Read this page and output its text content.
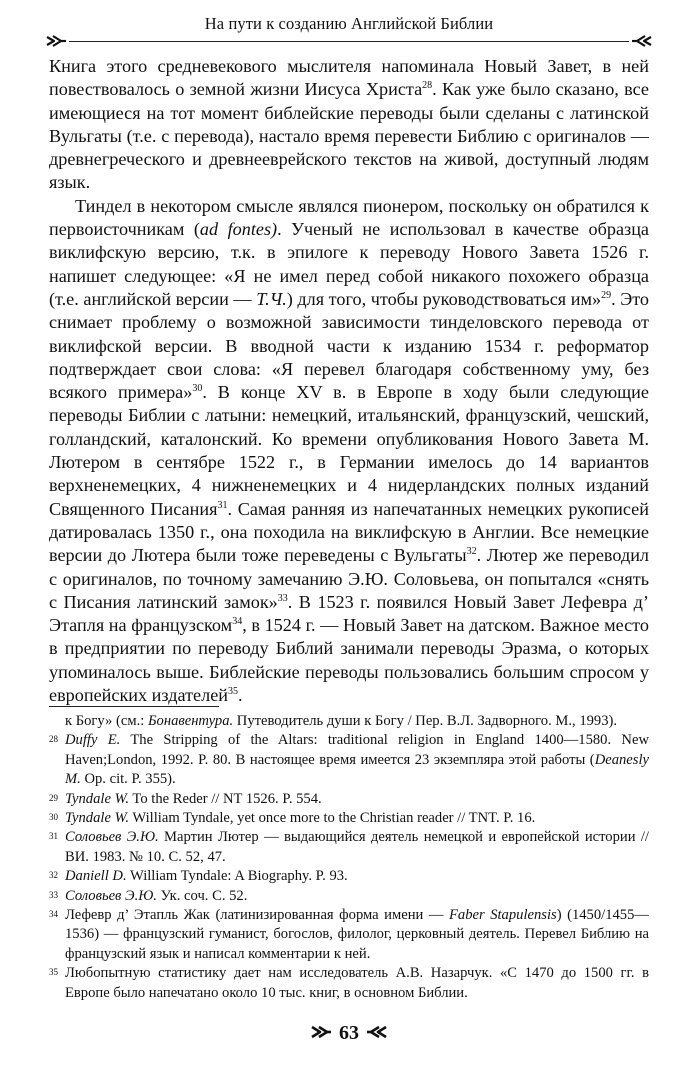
На пути к созданию Английской Библии

Книга этого средневекового мыслителя напоминала Новый Завет, в ней повествовалось о земной жизни Иисуса Христа$^{28}$. Как уже было сказано, все имеющиеся на тот момент библейские переводы были сделаны с латинской Вульгаты (т.е. с перевода), настало время перевести Библию с оригиналов — древнегреческого и древнееврейского текстов на живой, доступный людям язык.

Тиндел в некотором смысле являлся пионером, поскольку он обратился к первоисточникам (ad fontes). Ученый не использовал в качестве образца виклифскую версию, т.к. в эпилоге к переводу Нового Завета 1526 г. напишет следующее: «Я не имел перед собой никакого похожего образца (т.е. английской версии — Т.Ч.) для того, чтобы руководствоваться им»$^{29}$. Это снимает проблему о возможной зависимости тинделовского перевода от виклифской версии. В вводной части к изданию 1534 г. реформатор подтверждает свои слова: «Я перевел благодаря собственному уму, без всякого примера»$^{30}$. В конце XV в. в Европе в ходу были следующие переводы Библии с латыни: немецкий, итальянский, французский, чешский, голландский, каталонский. Ко времени опубликования Нового Завета М. Лютером в сентябре 1522 г., в Германии имелось до 14 вариантов верхненемецких, 4 нижненемецких и 4 нидерландских полных изданий Священного Писания$^{31}$. Самая ранняя из напечатанных немецких рукописей датировалась 1350 г., она походила на виклифскую в Англии. Все немецкие версии до Лютера были тоже переведены с Вульгаты$^{32}$. Лютер же переводил с оригиналов, по точному замечанию Э.Ю. Соловьева, он попытался «снять с Писания латинский замок»$^{33}$. В 1523 г. появился Новый Завет Лефевра д’ Этапля на французском$^{34}$, в 1524 г. — Новый Завет на датском. Важное место в предприятии по переводу Библий занимали переводы Эразма, о которых упоминалось выше. Библейские переводы пользовались большим спросом у европейских издателей$^{35}$.

к Богу» (см.: Бонавентура. Путеводитель души к Богу / Пер. В.Л. Задворного. М., 1993).
28 Duffy E. The Stripping of the Altars: traditional religion in England 1400—1580. New Haven;London, 1992. P. 80. В настоящее время имеется 23 экземпляра этой работы (Deanesly M. Op. cit. P. 355).
29 Tyndale W. To the Reder // NT 1526. P. 554.
30 Tyndale W. William Tyndale, yet once more to the Christian reader // TNT. P. 16.
31 Соловьев Э.Ю. Мартин Лютер — выдающийся деятель немецкой и европейской истории // ВИ. 1983. № 10. С. 52, 47.
32 Daniell D. William Tyndale: A Biography. P. 93.
33 Соловьев Э.Ю. Ук. соч. С. 52.
34 Лефевр д’ Этапль Жак (латинизированная форма имени — Faber Stapulensis) (1450/1455—1536) — французский гуманист, богослов, филолог, церковный деятель. Перевел Библию на французский язык и написал комментарии к ней.
35 Любопытную статистику дает нам исследователь А.В. Назарчук. «С 1470 до 1500 гг. в Европе было напечатано около 10 тыс. книг, в основном Библии.
63
